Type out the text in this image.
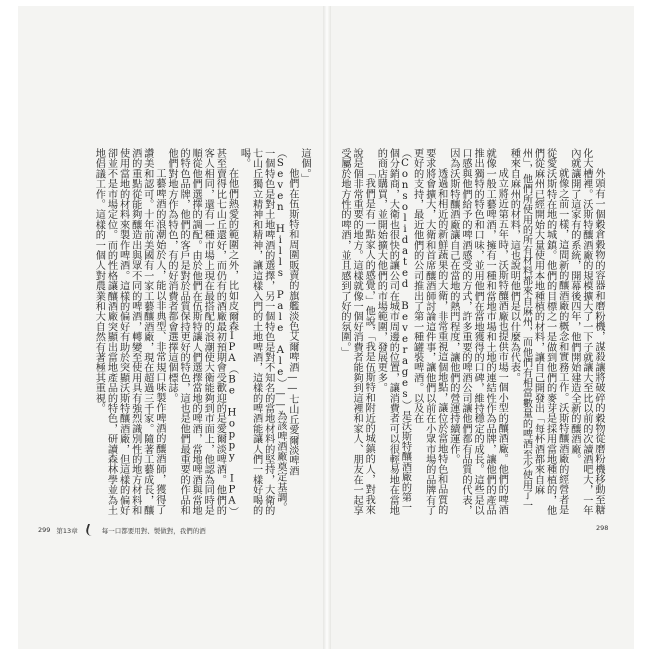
外頭有一個穀倉穀物的容器和磨粉機，謀殺讓將破碎的穀物從磨粉機移動至糖化大槽裡。沃斯特釀酒廠的規模擴大了一下子就讓大至比以前的次讀酒吧大，一年內就讓開了這家有的系統，開幕後四年，他們開始建造全新的釀酒廠。

就像之前一樣，這間新的釀酒廠的概念和實務工作。沃斯特釀酒廠的經營者是從愛沃斯特在地的城鎮。他們的目標之一是做到他們的麥芽是採用當地種植的，他們從麻州已經開始大量使用本地種植的材料，讓自己開發出「每杯酒都來自麻州」，他們所使用的所有材料都來自麻州，而他們有相當數量的啤酒至少使用了一種來自麻州的材料，這也說明他們是以什麼為代表。

成立將近第五年時，沃斯特釀酒廠也提供市場一個小型的釀酒廠。他們的啤酒就像一般工藝啤酒，擁有一種和當地市場和土地的連結性作為品牌，讓他們的產品推出獨特的特色和口味，並用他們在當地獲得的口碑，維持穩定的成長。這些是以口感與他們給予的啤酒感受的方式，許多重要的啤酒公司讓他們都有品質的代表，因為沃斯特釀酒廠讓自己在當地的熱門程度，讓他們的營運持續運作。

透過和相近的新鮮蔬果的大衛，非常重視這個地點，讓位於當地特色和品質的要求將會擴大，大衛和首席釀酒師討論這件事，讓他們以前在小眾市場的品牌有了更好的支持，最近他們的公司推出了第一種罐裝啤酒。以及在（Consolidated Beverages）是沃斯特釀酒廠的第一個分銷商，大衛也很快的讓公司在城市周邊的位置，讓消費者可以很輕易地在當地的商店購買，並開始擴大他們的市場範圍，發展更多。

「我們是有一點家人的感覺，」他說，「我是伍斯特和附近的城鎮的人，對我來說是個非常重要的地方。這樣就像一個好消費者能夠到這裡和家人、朋友在一起享受屬於地方性的啤酒，並且感到了好的氛圍。」

這個。」

他們在伍斯特和周圍販賣的旗艦淡色艾爾啤酒——七山丘愛爾淡啤酒（Seven Hills Pale Ale）——為該啤酒廠奠定基調。一個特色是對土地啤酒的選擇，另一個特色是對不知名的當地材料的堅持，大衛的七山丘獨立精神和精神，讓這樣入門的土地啤酒，這樣的啤酒能讓人們一樣好喝的喝。

在他們熱愛的範圍之外，比如皮爾森IPA（Be Hoppy IPA）甚至賣得比七山丘還好，而仍有的酒廠最初預期會受歡迎的是愛爾淡啤酒。他們的客人相同，還有一種市場上現在最搭配的浪潮使大衛能夠到市面上，他認為同時是順從他們選擇的調配。由於他們在伍斯特讓人們選擇當地的啤酒，當地啤酒與當地的特色品牌，他們的客戶是對於品質保持更好的特色，這也是他們最重要的作品和他們對地方作為特色，有的好消費者都會選擇這個標誌。

工藝啤酒的浪潮始於人，能以非典型、非常規口味製作啤酒的釀酒師，獲得了讚美和認可。十年前美國有一家工藝釀酒廠，現在超過三千家。隨著工藝成長，釀酒的重點從能夠釀造出與眾不同的啤酒，轉變至使用具有強烈識別性的地方材料和使用當地的材料來製作啤酒。這樣的偏好有助於突顯沃斯特釀酒廠，但這樣的偏好卻並不是市場定位。而的性格讓釀酒廠突顯出當地產品的特色，研讀森林學並為土地倡議工作。這樣的一個人對農業和大自然有著極其重視。

299 第13章	每一口都要用對、製做對，我們的酒	298
